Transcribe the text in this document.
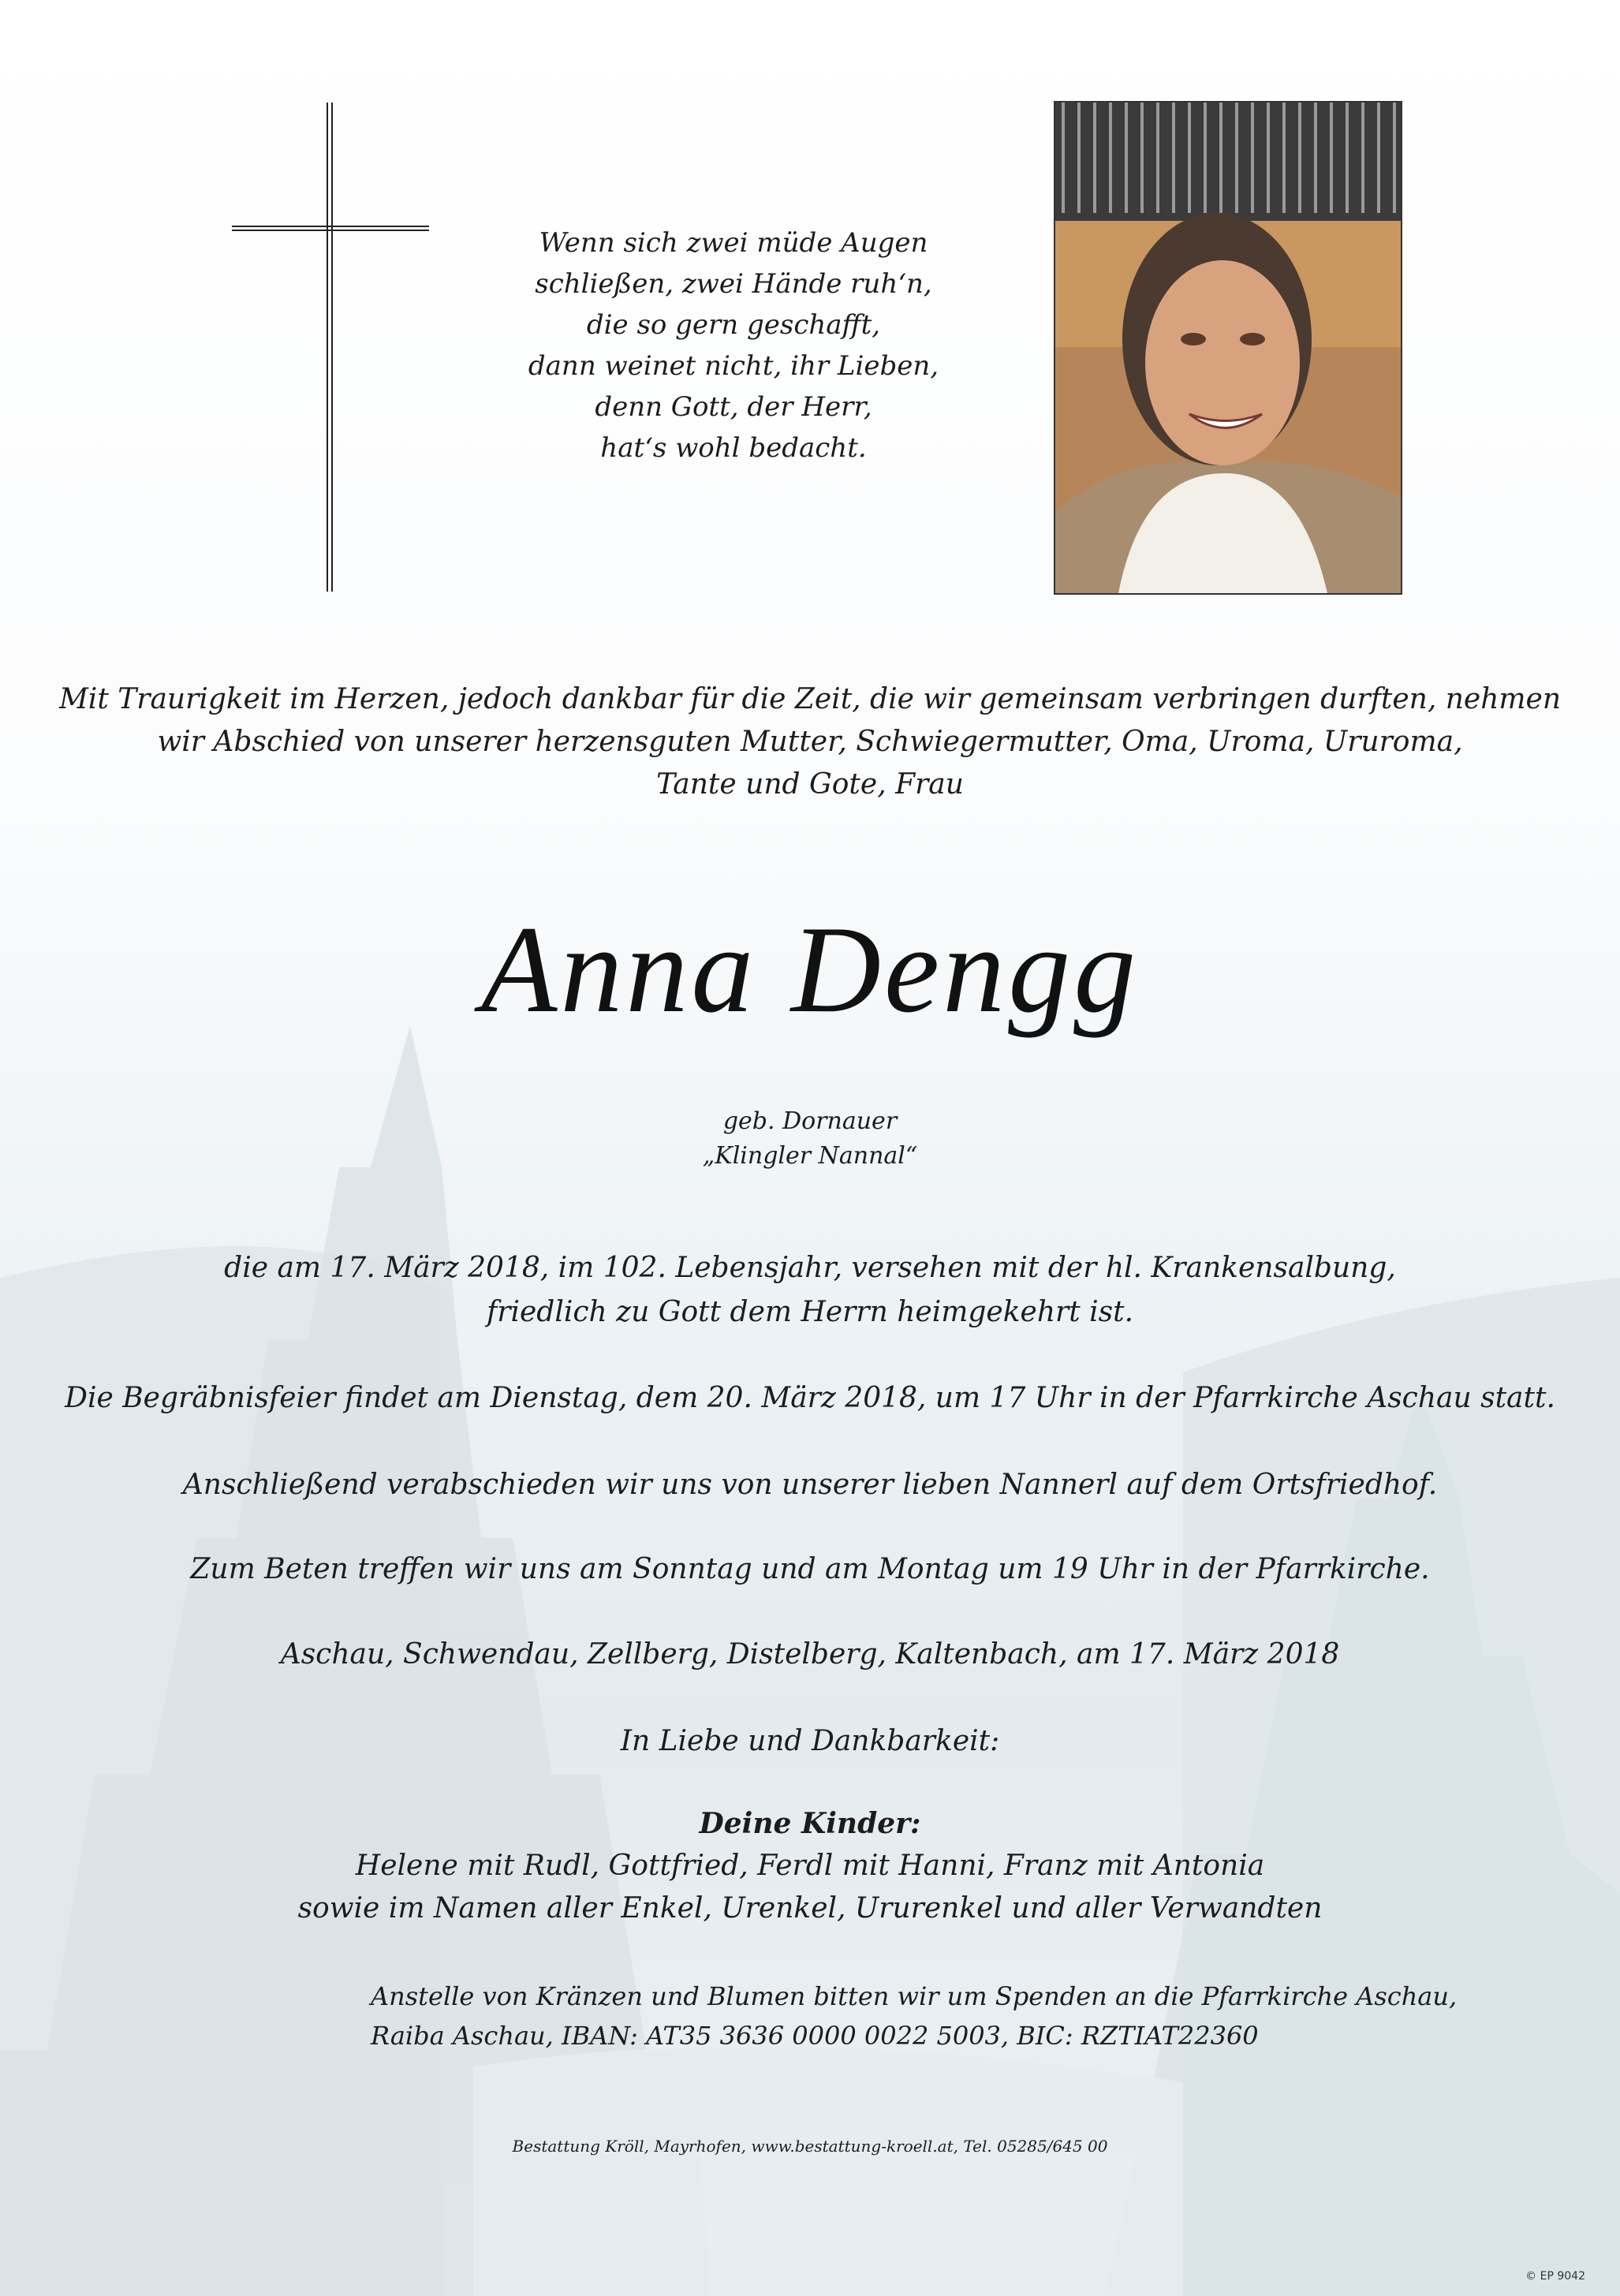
Wenn sich zwei müde Augen
schließen, zwei Hände ruh‘n,
die so gern geschafft,
dann weinet nicht, ihr Lieben,
denn Gott, der Herr,
hat‘s wohl bedacht.
Mit Traurigkeit im Herzen, jedoch dankbar für die Zeit, die wir gemeinsam verbringen durften, nehmen
wir Abschied von unserer herzensguten Mutter, Schwiegermutter, Oma, Uroma, Ururoma,
Tante und Gote, Frau
Anna Dengg
geb. Dornauer
„Klingler Nannal“
die am 17. März 2018, im 102. Lebensjahr, versehen mit der hl. Krankensalbung,
friedlich zu Gott dem Herrn heimgekehrt ist.
Die Begräbnisfeier findet am Dienstag, dem 20. März 2018, um 17 Uhr in der Pfarrkirche Aschau statt.
Anschließend verabschieden wir uns von unserer lieben Nannerl auf dem Ortsfriedhof.
Zum Beten treffen wir uns am Sonntag und am Montag um 19 Uhr in der Pfarrkirche.
Aschau, Schwendau, Zellberg, Distelberg, Kaltenbach, am 17. März 2018
In Liebe und Dankbarkeit:
Deine Kinder:
Helene mit Rudl, Gottfried, Ferdl mit Hanni, Franz mit Antonia
sowie im Namen aller Enkel, Urenkel, Ururenkel und aller Verwandten
Anstelle von Kränzen und Blumen bitten wir um Spenden an die Pfarrkirche Aschau,
Raiba Aschau, IBAN: AT35 3636 0000 0022 5003, BIC: RZTIAT22360
Bestattung Kröll, Mayrhofen, www.bestattung-kroell.at, Tel. 05285/645 00
© EP 9042
